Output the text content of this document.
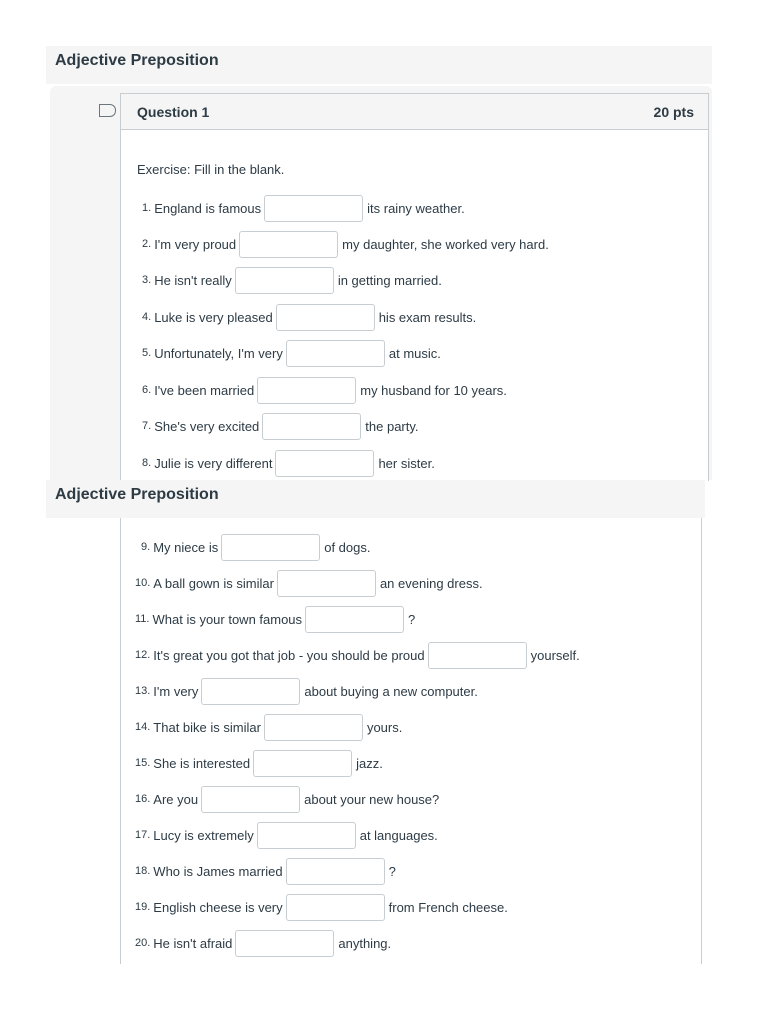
Adjective Preposition
Question 1	20 pts
Exercise: Fill in the blank.
Adjective Preposition
1. England is famous	its rainy weather.
2. I'm very proud	my daughter, she worked very hard.
3. He isn't really	in getting married.
4. Luke is very pleased	his exam results.
5. Unfortunately, I'm very	at music.
6. I've been married	my husband for 10 years.
7. She's very excited	the party.
8. Julie is very different	her sister.
9. My niece is	of dogs.
10. A ball gown is similar	an evening dress.
11. What is your town famous	?
12. It's great you got that job - you should be proud	yourself.
13. I'm very	about buying a new computer.
14. That bike is similar	yours.
15. She is interested	jazz.
16. Are you	about your new house?
17. Lucy is extremely	at languages.
18. Who is James married	?
19. English cheese is very	from French cheese.
20. He isn't afraid	anything.
